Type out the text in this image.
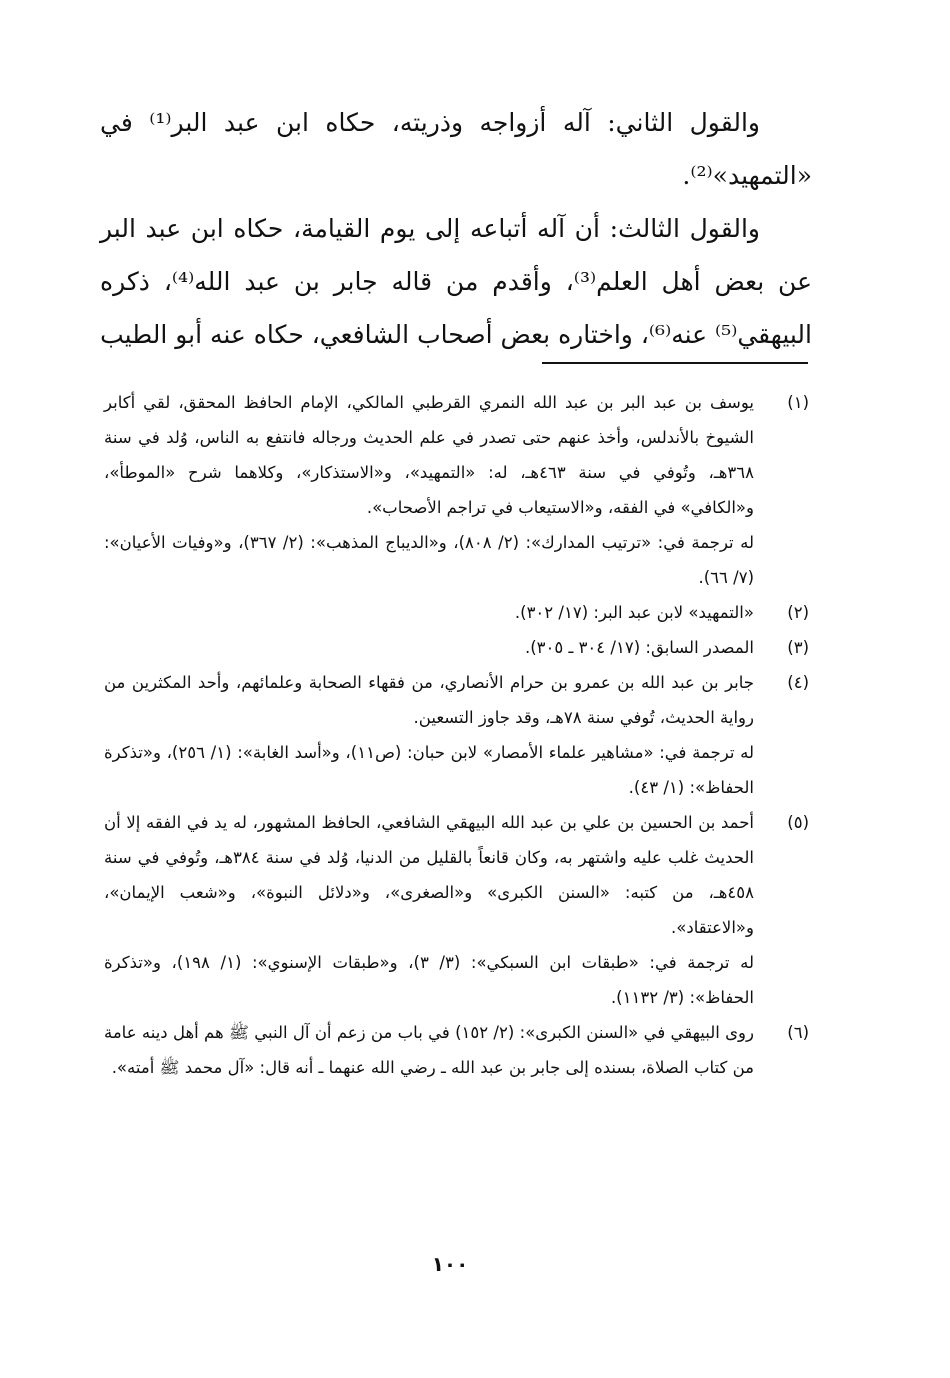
والقول الثاني: آله أزواجه وذريته، حكاه ابن عبد البر⁽¹⁾ في «التمهيد»⁽²⁾.

والقول الثالث: أن آله أتباعه إلى يوم القيامة، حكاه ابن عبد البر عن بعض أهل العلم⁽³⁾، وأقدم من قاله جابر بن عبد الله⁽⁴⁾، ذكره البيهقي⁽⁵⁾ عنه⁽⁶⁾، واختاره بعض أصحاب الشافعي، حكاه عنه أبو الطيب

(١)

يوسف بن عبد البر بن عبد الله النمري القرطبي المالكي، الإمام الحافظ المحقق، لقي أكابر الشيوخ بالأندلس، وأخذ عنهم حتى تصدر في علم الحديث ورجاله فانتفع به الناس، وُلد في سنة ٣٦٨هـ، وتُوفي في سنة ٤٦٣هـ، له: «التمهيد»، و«الاستذكار»، وكلاهما شرح «الموطأ»، و«الكافي» في الفقه، و«الاستيعاب في تراجم الأصحاب».

له ترجمة في: «ترتيب المدارك»: (٢/ ٨٠٨)، و«الديباج المذهب»: (٢/ ٣٦٧)، و«وفيات الأعيان»: (٧/ ٦٦).

(٢)

«التمهيد» لابن عبد البر: (١٧/ ٣٠٢).

(٣)

المصدر السابق: (١٧/ ٣٠٤ ـ ٣٠٥).

(٤)

جابر بن عبد الله بن عمرو بن حرام الأنصاري، من فقهاء الصحابة وعلمائهم، وأحد المكثرين من رواية الحديث، تُوفي سنة ٧٨هـ، وقد جاوز التسعين.

له ترجمة في: «مشاهير علماء الأمصار» لابن حبان: (ص١١)، و«أسد الغابة»: (١/ ٢٥٦)، و«تذكرة الحفاظ»: (١/ ٤٣).

(٥)

أحمد بن الحسين بن علي بن عبد الله البيهقي الشافعي، الحافظ المشهور، له يد في الفقه إلا أن الحديث غلب عليه واشتهر به، وكان قانعاً بالقليل من الدنيا، وُلد في سنة ٣٨٤هـ، وتُوفي في سنة ٤٥٨هـ، من كتبه: «السنن الكبرى» و«الصغرى»، و«دلائل النبوة»، و«شعب الإيمان»، و«الاعتقاد».

له ترجمة في: «طبقات ابن السبكي»: (٣/ ٣)، و«طبقات الإسنوي»: (١/ ١٩٨)، و«تذكرة الحفاظ»: (٣/ ١١٣٢).

(٦)

روى البيهقي في «السنن الكبرى»: (٢/ ١٥٢) في باب من زعم أن آل النبي ﷺ هم أهل دينه عامة من كتاب الصلاة، بسنده إلى جابر بن عبد الله ـ رضي الله عنهما ـ أنه قال: «آل محمد ﷺ أمته».

١٠٠
